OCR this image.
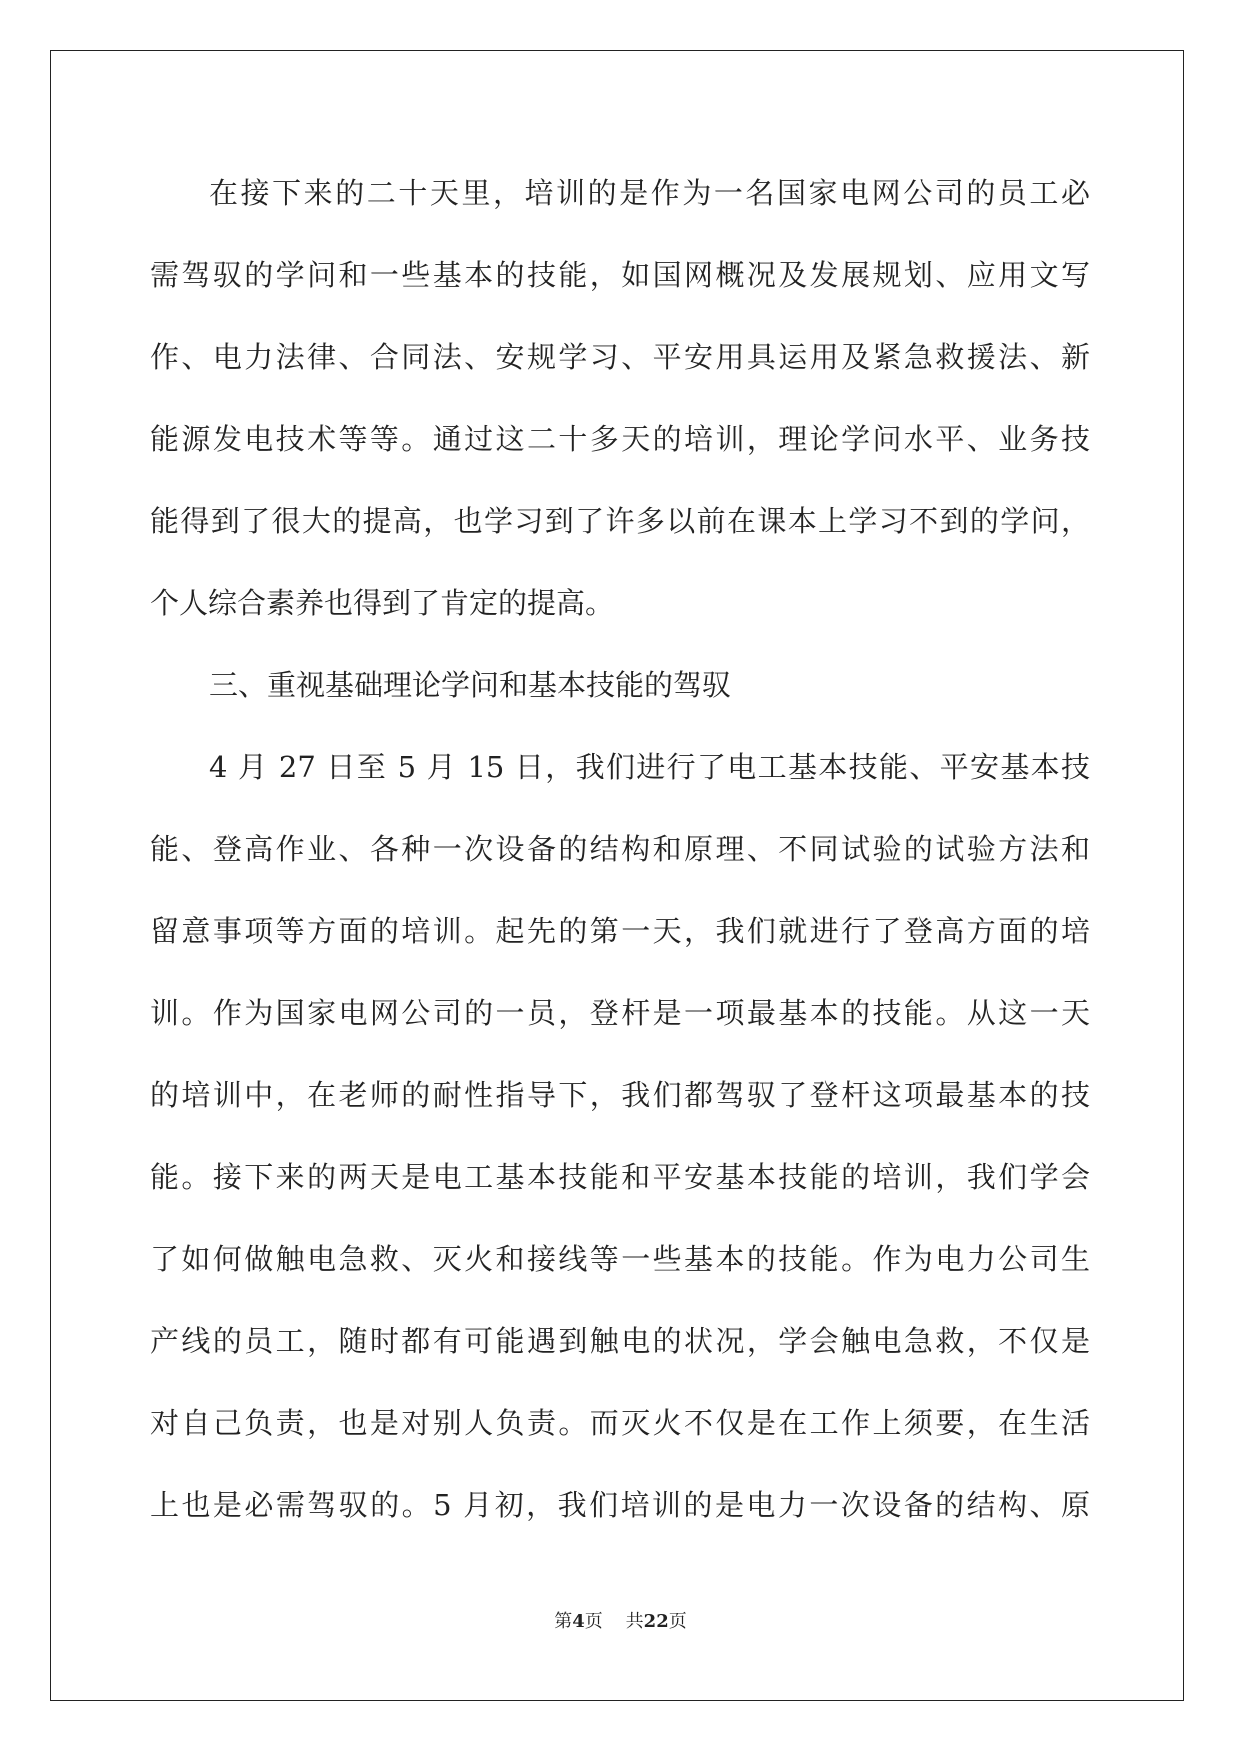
在接下来的二十天里，培训的是作为一名国家电网公司的员工必
需驾驭的学问和一些基本的技能，如国网概况及发展规划、应用文写
作、电力法律、合同法、安规学习、平安用具运用及紧急救援法、新
能源发电技术等等。通过这二十多天的培训，理论学问水平、业务技
能得到了很大的提高，也学习到了许多以前在课本上学习不到的学问，
个人综合素养也得到了肯定的提高。
三、重视基础理论学问和基本技能的驾驭
4 月 27 日至 5 月 15 日，我们进行了电工基本技能、平安基本技
能、登高作业、各种一次设备的结构和原理、不同试验的试验方法和
留意事项等方面的培训。起先的第一天，我们就进行了登高方面的培
训。作为国家电网公司的一员，登杆是一项最基本的技能。从这一天
的培训中，在老师的耐性指导下，我们都驾驭了登杆这项最基本的技
能。接下来的两天是电工基本技能和平安基本技能的培训，我们学会
了如何做触电急救、灭火和接线等一些基本的技能。作为电力公司生
产线的员工，随时都有可能遇到触电的状况，学会触电急救，不仅是
对自己负责，也是对别人负责。而灭火不仅是在工作上须要，在生活
上也是必需驾驭的。5 月初，我们培训的是电力一次设备的结构、原
第4页 共22页
